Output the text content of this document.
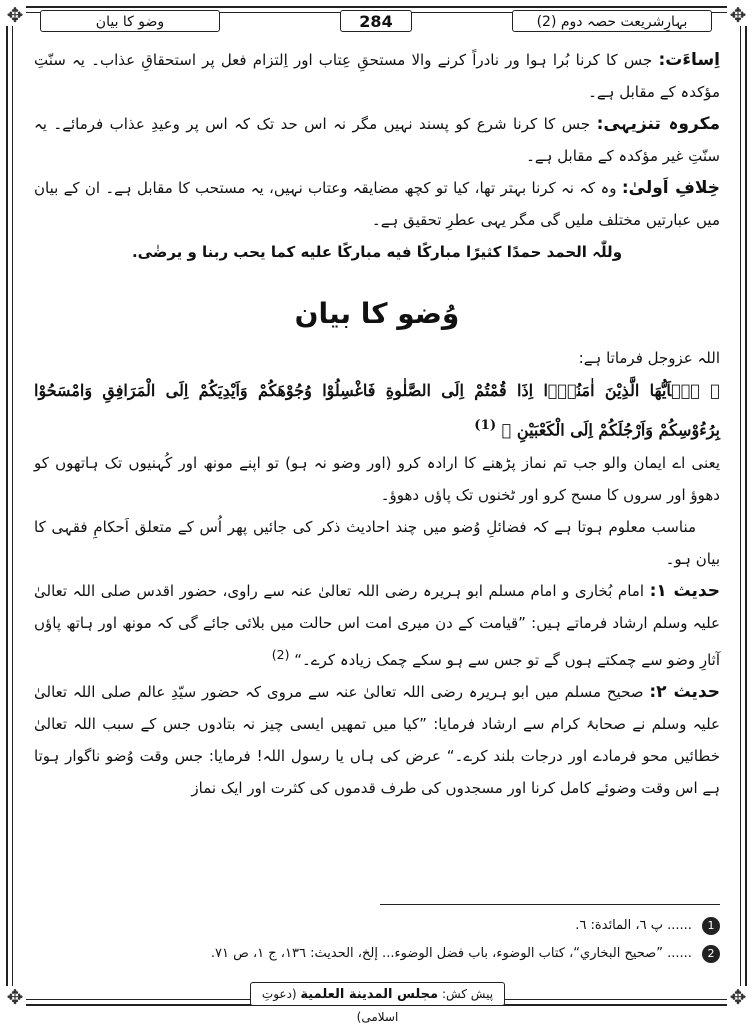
✥	✥
✥	✥
وضو کا بیان	284	بہارِشریعت حصہ دوم (2)

اِساءَت: جس کا کرنا بُرا ہوا ور نادراً کرنے والا مستحقِ عِتاب اور اِلتزام فعل پر استحقاقِ عذاب۔ یہ سنّتِ مؤکدہ کے مقابل ہے۔

مکروہ تنزیہی: جس کا کرنا شرع کو پسند نہیں مگر نہ اس حد تک کہ اس پر وعیدِ عذاب فرمائے۔ یہ سنّتِ غیر مؤکدہ کے مقابل ہے۔

خِلافِ اَولیٰ: وہ کہ نہ کرنا بہتر تھا، کیا تو کچھ مضایقہ وعتاب نہیں، یہ مستحب کا مقابل ہے۔ ان کے بیان میں عبارتیں مختلف ملیں گی مگر یہی عطرِ تحقیق ہے۔

وللّٰہ الحمد حمدًا کثیرًا مبارکًا فیه مبارکًا علیه کما یحب ربنا و یرضٰی.

وُضو کا بیان

اللہ عزوجل فرماتا ہے:

﴿ یٰۤاَیُّهَا الَّذِیْنَ اٰمَنُوْۤا اِذَا قُمْتُمْ اِلَى الصَّلٰوةِ فَاغْسِلُوْا وُجُوْهَكُمْ وَاَیْدِیَكُمْ اِلَى الْمَرَافِقِ وَامْسَحُوْا بِرُءُوْسِكُمْ وَاَرْجُلَكُمْ اِلَى الْكَعْبَیْنِ ﴾ $^{(1)}$

یعنی اے ایمان والو جب تم نماز پڑھنے کا ارادہ کرو (اور وضو نہ ہو) تو اپنے مونھ اور کُہنیوں تک ہاتھوں کو دھوؤ اور سروں کا مسح کرو اور ٹخنوں تک پاؤں دھوؤ۔

مناسب معلوم ہوتا ہے کہ فضائلِ وُضو میں چند احادیث ذکر کی جائیں پھر اُس کے متعلق اَحکامِ فقہی کا بیان ہو۔

حدیث ۱: امام بُخاری و امام مسلم ابو ہریرہ رضی اللہ تعالیٰ عنہ سے راوی، حضور اقدس صلی اللہ تعالیٰ علیہ وسلم ارشاد فرماتے ہیں: ”قیامت کے دن میری امت اس حالت میں بلائی جائے گی کہ مونھ اور ہاتھ پاؤں آثارِ وضو سے چمکتے ہوں گے تو جس سے ہو سکے چمک زیادہ کرے۔“ $^{(2)}$

حدیث ۲: صحیح مسلم میں ابو ہریرہ رضی اللہ تعالیٰ عنہ سے مروی کہ حضور سیّدِ عالم صلی اللہ تعالیٰ علیہ وسلم نے صحابۂ کرام سے ارشاد فرمایا: ”کیا میں تمھیں ایسی چیز نہ بتادوں جس کے سبب اللہ تعالیٰ خطائیں محو فرمادے اور درجات بلند کرے۔“ عرض کی ہاں یا رسول اللہ! فرمایا: جس وقت وُضو ناگوار ہوتا ہے اس وقت وضوئے کامل کرنا اور مسجدوں کی طرف قدموں کی کثرت اور ایک نماز

1 ...... پ ٦، المائدة: ٦.
2 ...... ”صحيح البخاري“، كتاب الوضوء، باب فضل الوضوء... إلخ، الحديث: ١٣٦، ج ١، ص ٧١.
پیش کش: مجلس المدينة العلمية (دعوتِ اسلامی)
